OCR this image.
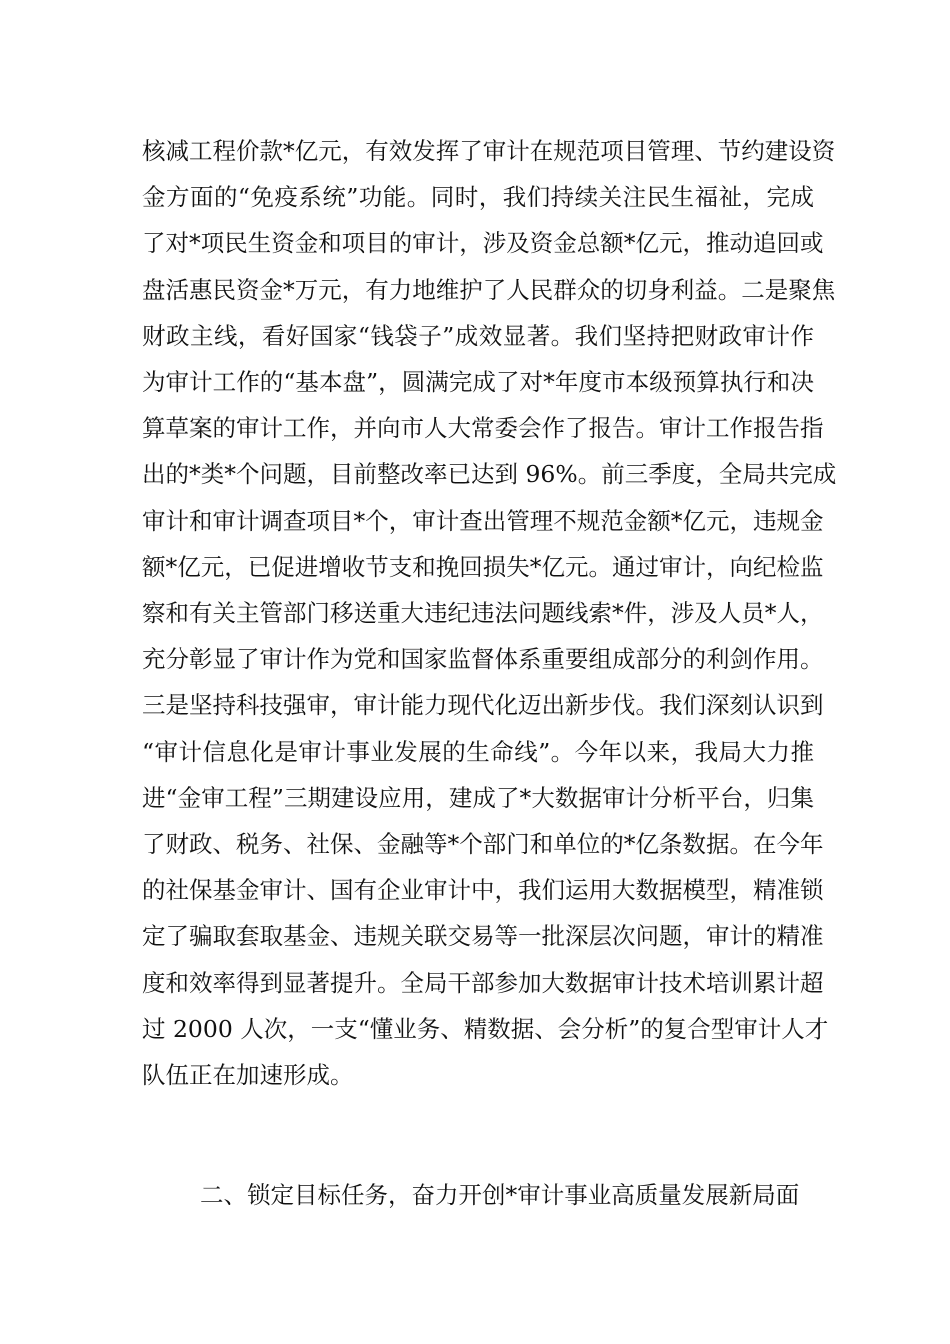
核减工程价款*亿元，有效发挥了审计在规范项目管理、节约建设资
金方面的“免疫系统”功能。同时，我们持续关注民生福祉，完成
了对*项民生资金和项目的审计，涉及资金总额*亿元，推动追回或
盘活惠民资金*万元，有力地维护了人民群众的切身利益。二是聚焦
财政主线，看好国家“钱袋子”成效显著。我们坚持把财政审计作
为审计工作的“基本盘”，圆满完成了对*年度市本级预算执行和决
算草案的审计工作，并向市人大常委会作了报告。审计工作报告指
出的*类*个问题，目前整改率已达到 96%。前三季度，全局共完成
审计和审计调查项目*个，审计查出管理不规范金额*亿元，违规金
额*亿元，已促进增收节支和挽回损失*亿元。通过审计，向纪检监
察和有关主管部门移送重大违纪违法问题线索*件，涉及人员*人，
充分彰显了审计作为党和国家监督体系重要组成部分的利剑作用。
三是坚持科技强审，审计能力现代化迈出新步伐。我们深刻认识到
“审计信息化是审计事业发展的生命线”。今年以来，我局大力推
进“金审工程”三期建设应用，建成了*大数据审计分析平台，归集
了财政、税务、社保、金融等*个部门和单位的*亿条数据。在今年
的社保基金审计、国有企业审计中，我们运用大数据模型，精准锁
定了骗取套取基金、违规关联交易等一批深层次问题，审计的精准
度和效率得到显著提升。全局干部参加大数据审计技术培训累计超
过 2000 人次，一支“懂业务、精数据、会分析”的复合型审计人才
队伍正在加速形成。
二、锁定目标任务，奋力开创*审计事业高质量发展新局面
